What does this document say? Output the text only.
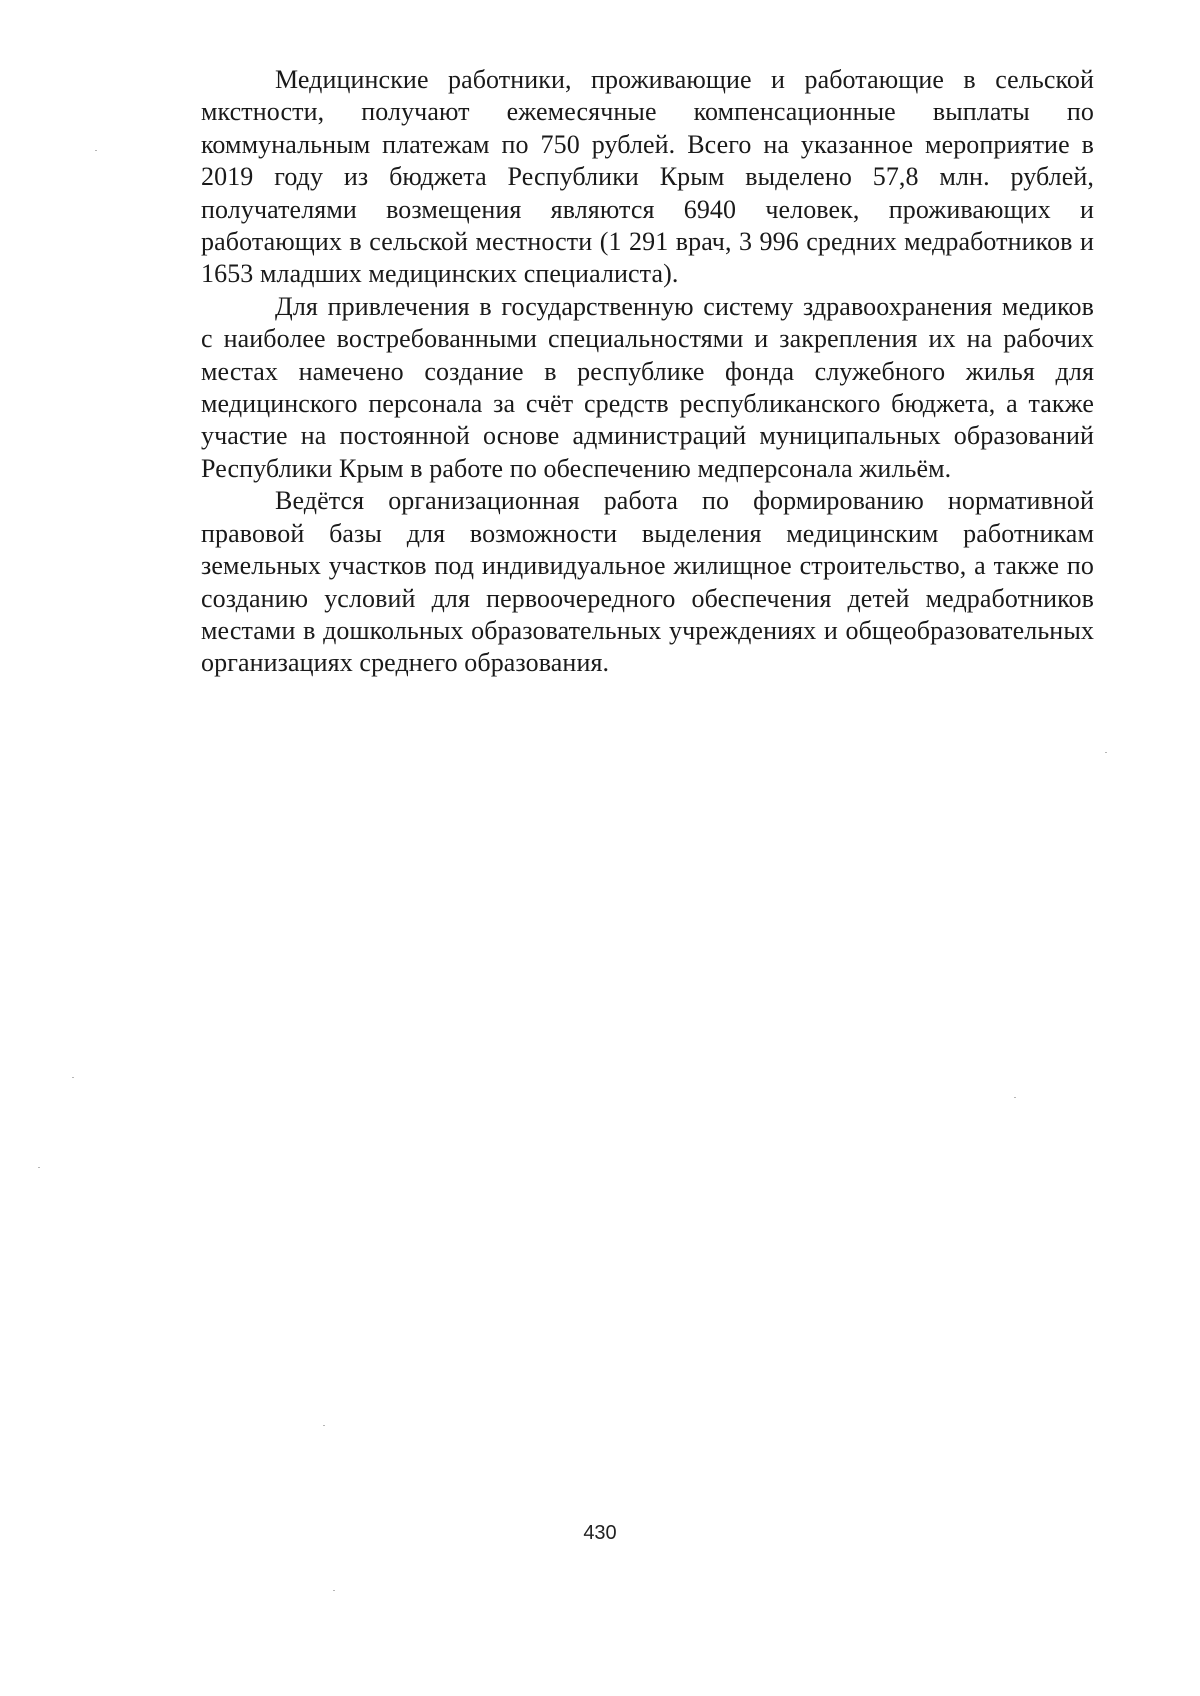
Медицинские работники, проживающие и работающие в сельской мкстности, получают ежемесячные компенсационные выплаты по коммунальным платежам по 750 рублей. Всего на указанное мероприятие в 2019 году из бюджета Республики Крым выделено 57,8 млн. рублей, получателями возмещения являются 6940 человек, проживающих и работающих в сельской местности (1 291 врач, 3 996 средних медработников и 1653 младших медицинских специалиста).

Для привлечения в государственную систему здравоохранения медиков с наиболее востребованными специальностями и закрепления их на рабочих местах намечено создание в республике фонда служебного жилья для медицинского персонала за счёт средств республиканского бюджета, а также участие на постоянной основе администраций муниципальных образований Республики Крым в работе по обеспечению медперсонала жильём.

Ведётся организационная работа по формированию нормативной правовой базы для возможности выделения медицинским работникам земельных участков под индивидуальное жилищное строительство, а также по созданию условий для первоочередного обеспечения детей медработников местами в дошкольных образовательных учреждениях и общеобразовательных организациях среднего образования.

430
